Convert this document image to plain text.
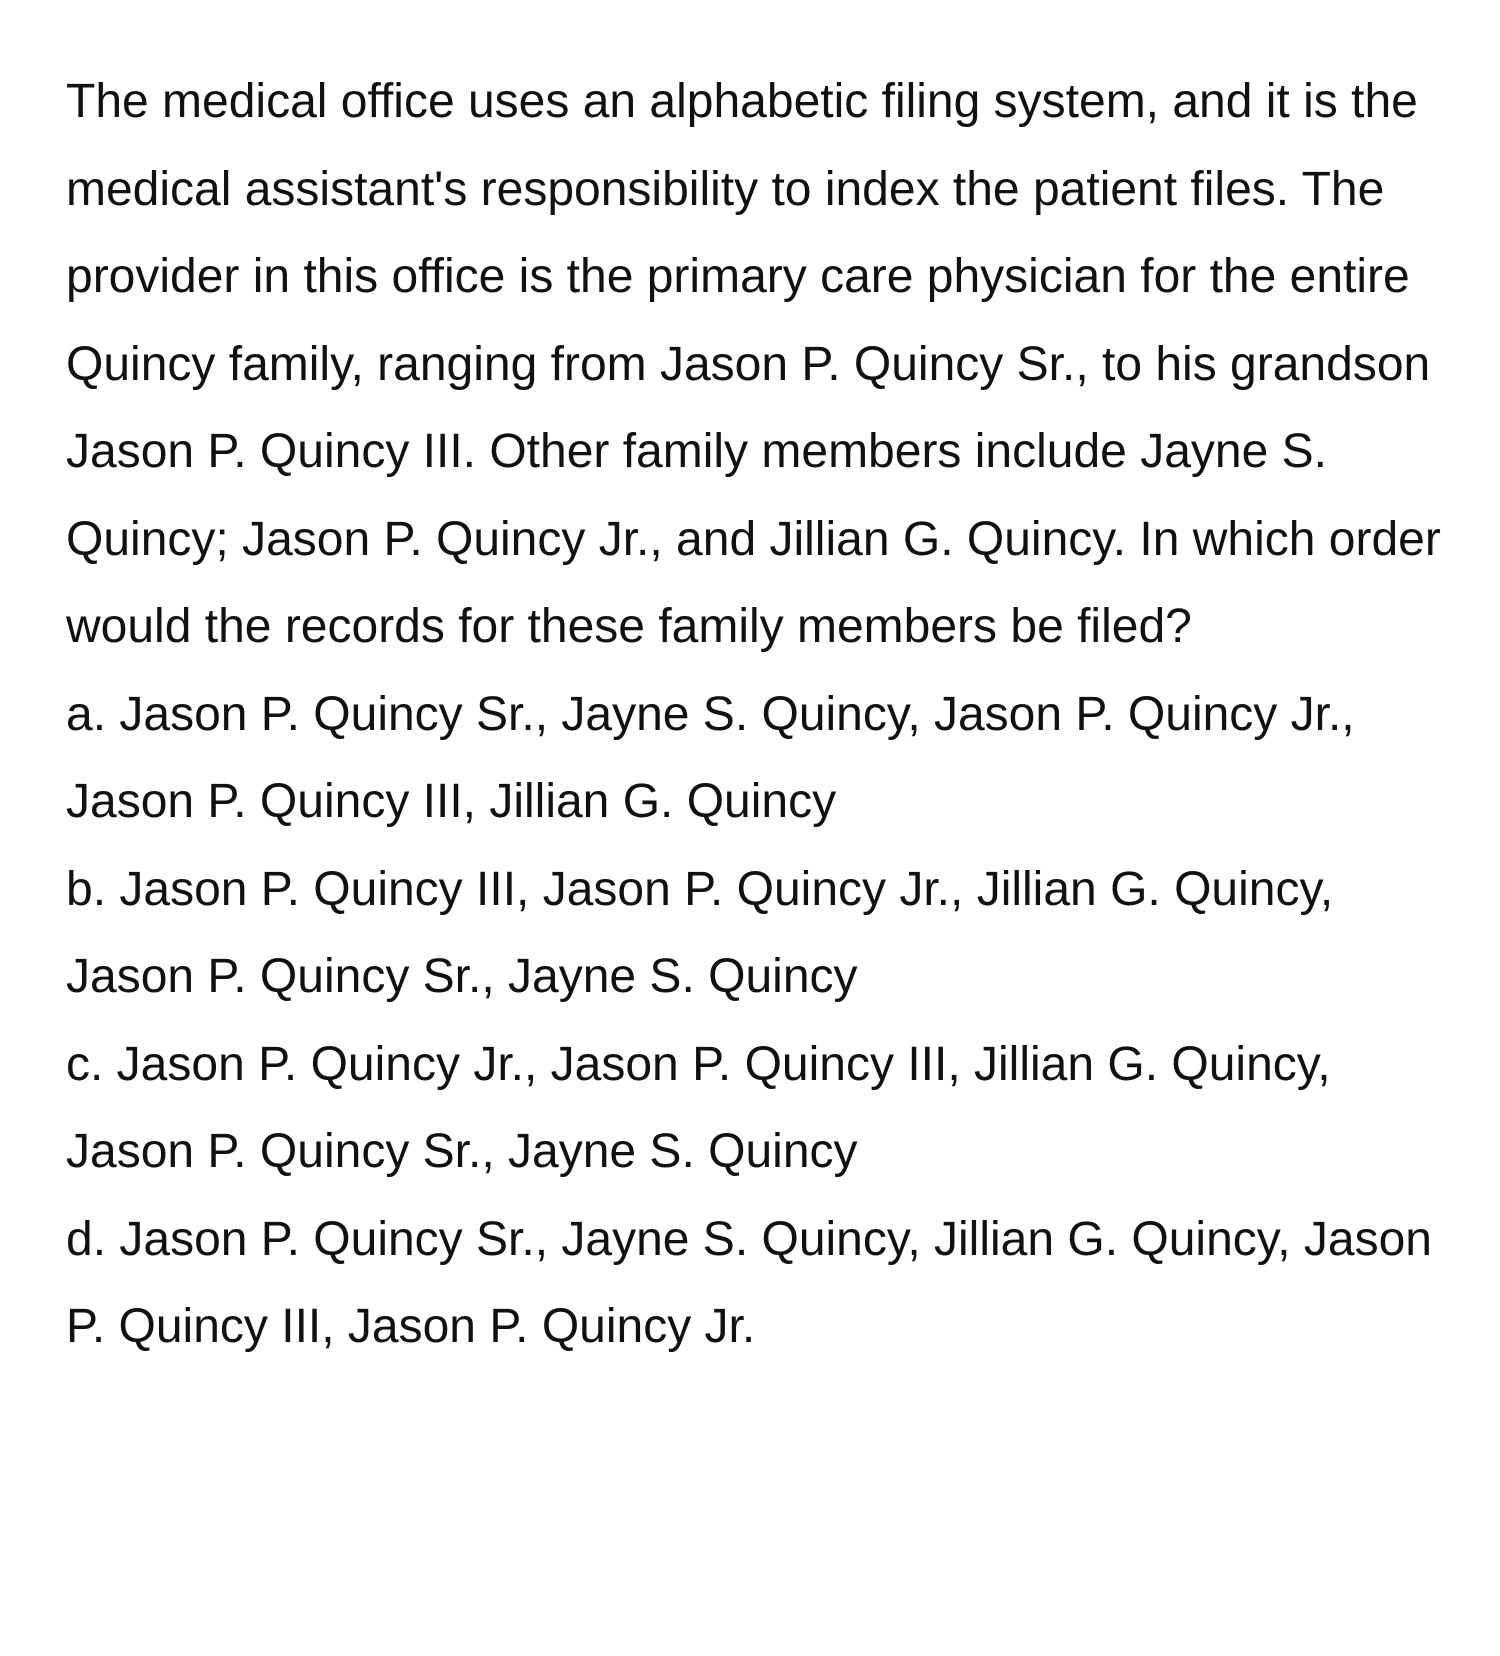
The medical office uses an alphabetic filing system, and it is the medical assistant's responsibility to index the patient files. The provider in this office is the primary care physician for the entire Quincy family, ranging from Jason P. Quincy Sr., to his grandson Jason P. Quincy III. Other family members include Jayne S. Quincy; Jason P. Quincy Jr., and Jillian G. Quincy. In which order would the records for these family members be filed?

a. Jason P. Quincy Sr., Jayne S. Quincy, Jason P. Quincy Jr., Jason P. Quincy III, Jillian G. Quincy

b. Jason P. Quincy III, Jason P. Quincy Jr., Jillian G. Quincy, Jason P. Quincy Sr., Jayne S. Quincy

c. Jason P. Quincy Jr., Jason P. Quincy III, Jillian G. Quincy, Jason P. Quincy Sr., Jayne S. Quincy

d. Jason P. Quincy Sr., Jayne S. Quincy, Jillian G. Quincy, Jason P. Quincy III, Jason P. Quincy Jr.
